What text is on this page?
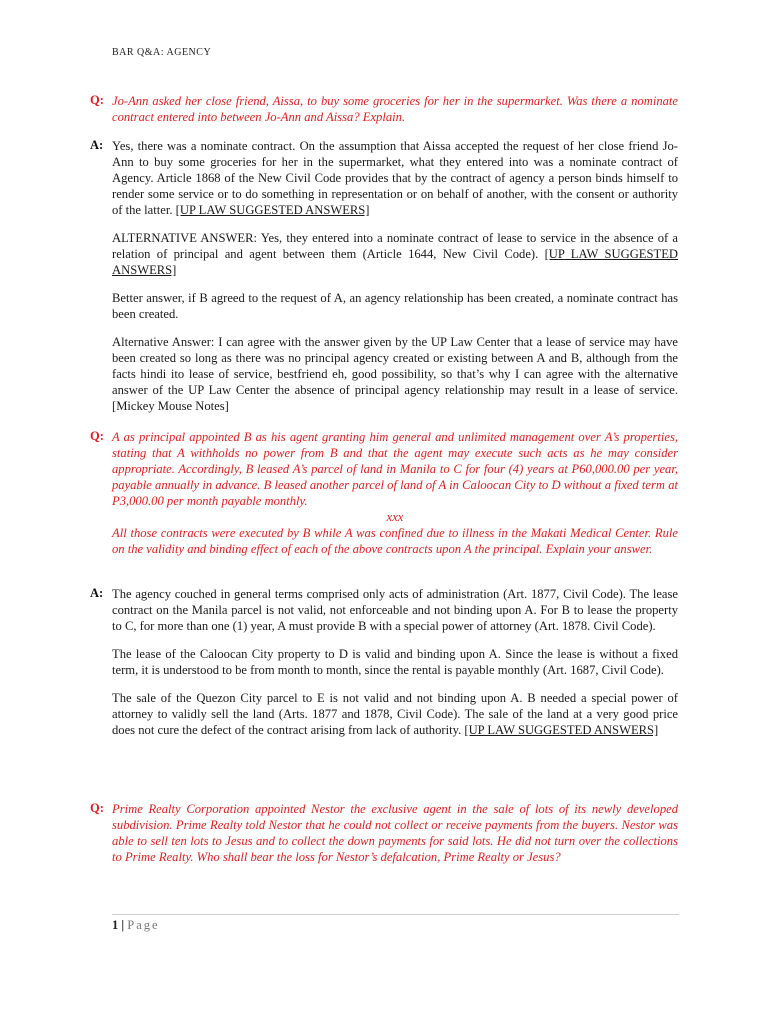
BAR Q&A: AGENCY
Q: Jo-Ann asked her close friend, Aissa, to buy some groceries for her in the supermarket. Was there a nominate contract entered into between Jo-Ann and Aissa? Explain.

A: Yes, there was a nominate contract. On the assumption that Aissa accepted the request of her close friend Jo-Ann to buy some groceries for her in the supermarket, what they entered into was a nominate contract of Agency. Article 1868 of the New Civil Code provides that by the contract of agency a person binds himself to render some service or to do something in representation or on behalf of another, with the consent or authority of the latter. [UP LAW SUGGESTED ANSWERS]

ALTERNATIVE ANSWER: Yes, they entered into a nominate contract of lease to service in the absence of a relation of principal and agent between them (Article 1644, New Civil Code). [UP LAW SUGGESTED ANSWERS]

Better answer, if B agreed to the request of A, an agency relationship has been created, a nominate contract has been created.

Alternative Answer: I can agree with the answer given by the UP Law Center that a lease of service may have been created so long as there was no principal agency created or existing between A and B, although from the facts hindi ito lease of service, bestfriend eh, good possibility, so that’s why I can agree with the alternative answer of the UP Law Center the absence of principal agency relationship may result in a lease of service. [Mickey Mouse Notes]

Q: A as principal appointed B as his agent granting him general and unlimited management over A’s properties, stating that A withholds no power from B and that the agent may execute such acts as he may consider appropriate. Accordingly, B leased A’s parcel of land in Manila to C for four (4) years at P60,000.00 per year, payable annually in advance. B leased another parcel of land of A in Caloocan City to D without a fixed term at P3,000.00 per month payable monthly.

xxx

All those contracts were executed by B while A was confined due to illness in the Makati Medical Center. Rule on the validity and binding effect of each of the above contracts upon A the principal. Explain your answer.

A: The agency couched in general terms comprised only acts of administration (Art. 1877, Civil Code). The lease contract on the Manila parcel is not valid, not enforceable and not binding upon A. For B to lease the property to C, for more than one (1) year, A must provide B with a special power of attorney (Art. 1878. Civil Code).

The lease of the Caloocan City property to D is valid and binding upon A. Since the lease is without a fixed term, it is understood to be from month to month, since the rental is payable monthly (Art. 1687, Civil Code).

The sale of the Quezon City parcel to E is not valid and not binding upon A. B needed a special power of attorney to validly sell the land (Arts. 1877 and 1878, Civil Code). The sale of the land at a very good price does not cure the defect of the contract arising from lack of authority. [UP LAW SUGGESTED ANSWERS]

Q: Prime Realty Corporation appointed Nestor the exclusive agent in the sale of lots of its newly developed subdivision. Prime Realty told Nestor that he could not collect or receive payments from the buyers. Nestor was able to sell ten lots to Jesus and to collect the down payments for said lots. He did not turn over the collections to Prime Realty. Who shall bear the loss for Nestor’s defalcation, Prime Realty or Jesus?

1 | Page
